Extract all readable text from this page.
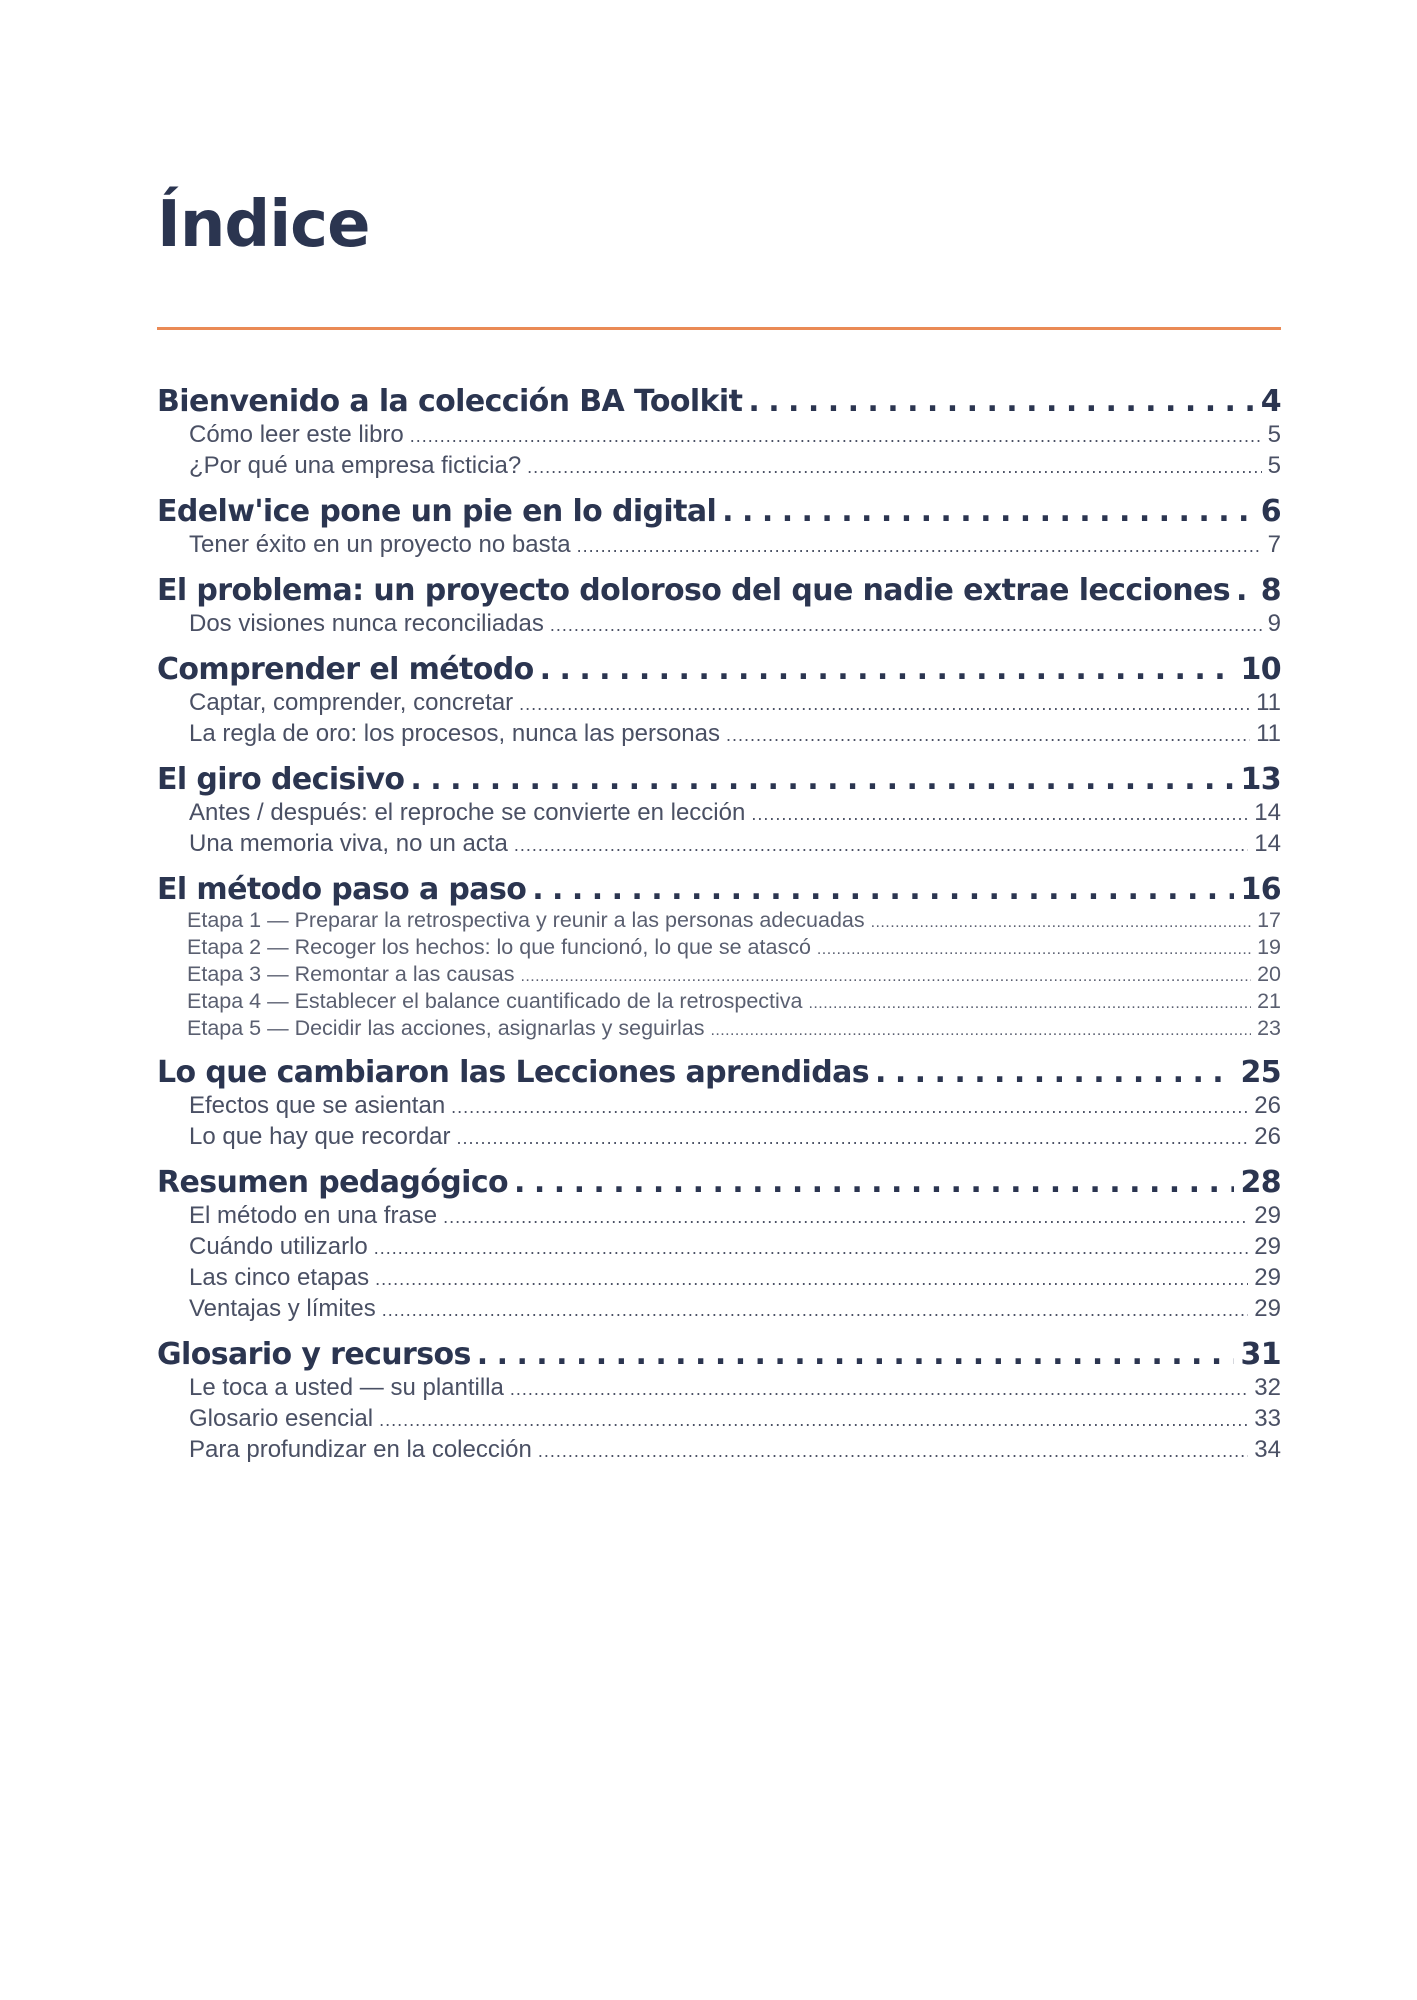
Índice
Bienvenido a la colección BA Toolkit . . .	4
Cómo leer este libro . . .	5
¿Por qué una empresa ficticia? . . .	5
Edelw'ice pone un pie en lo digital . . .	6
Tener éxito en un proyecto no basta . . .	7
El problema: un proyecto doloroso del que nadie extrae lecciones . . . 8
Dos visiones nunca reconciliadas . . .	9
Comprender el método . . .	10
Captar, comprender, concretar . . .	11
La regla de oro: los procesos, nunca las personas . . .	11
El giro decisivo . . .	13
Antes / después: el reproche se convierte en lección . . .	14
Una memoria viva, no un acta . . .	14
El método paso a paso . . .	16
Etapa 1 — Preparar la retrospectiva y reunir a las personas adecuadas . . .	17
Etapa 2 — Recoger los hechos: lo que funcionó, lo que se atascó . . .	19
Etapa 3 — Remontar a las causas . . .	20
Etapa 4 — Establecer el balance cuantificado de la retrospectiva . . .	21
Etapa 5 — Decidir las acciones, asignarlas y seguirlas . . .	23
Lo que cambiaron las Lecciones aprendidas . . .	25
Efectos que se asientan . . .	26
Lo que hay que recordar . . .	26
Resumen pedagógico . . .	28
El método en una frase . . .	29
Cuándo utilizarlo . . .	29
Las cinco etapas . . .	29
Ventajas y límites . . .	29
Glosario y recursos . . .	31
Le toca a usted — su plantilla . . .	32
Glosario esencial . . .	33
Para profundizar en la colección . . .	34
